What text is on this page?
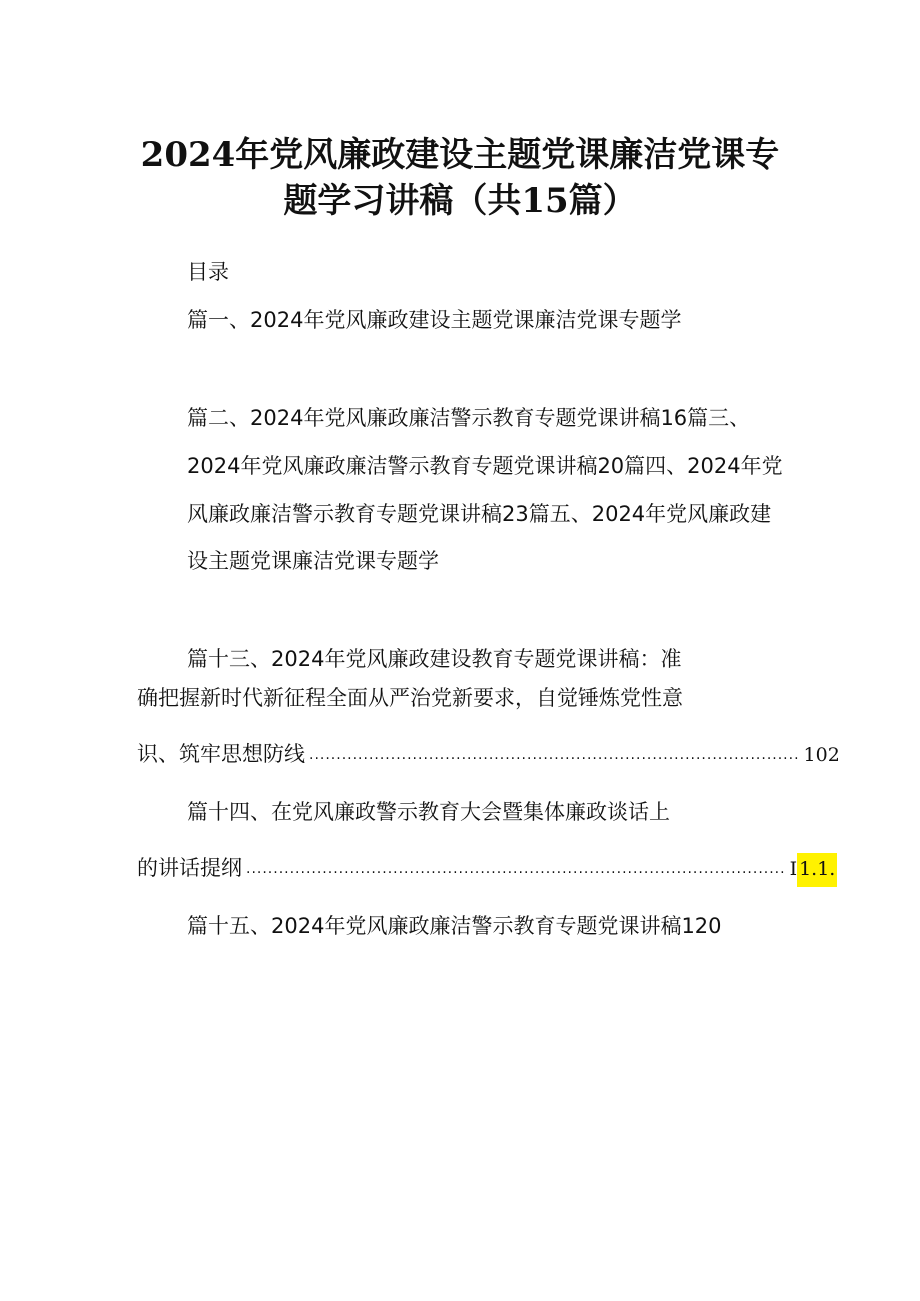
2024年党风廉政建设主题党课廉洁党课专
题学习讲稿（共15篇）
目录
篇一、2024年党风廉政建设主题党课廉洁党课专题学
篇二、2024年党风廉政廉洁警示教育专题党课讲稿16篇三、
2024年党风廉政廉洁警示教育专题党课讲稿20篇四、2024年党
风廉政廉洁警示教育专题党课讲稿23篇五、2024年党风廉政建
设主题党课廉洁党课专题学
篇十三、2024年党风廉政建设教育专题党课讲稿：准
确把握新时代新征程全面从严治党新要求，自觉锤炼党性意
识、筑牢思想防线 .......................................................................................... 102
篇十四、在党风廉政警示教育大会暨集体廉政谈话上
的讲话提纲 ................................................................................................... I 1.1.
篇十五、2024年党风廉政廉洁警示教育专题党课讲稿120
